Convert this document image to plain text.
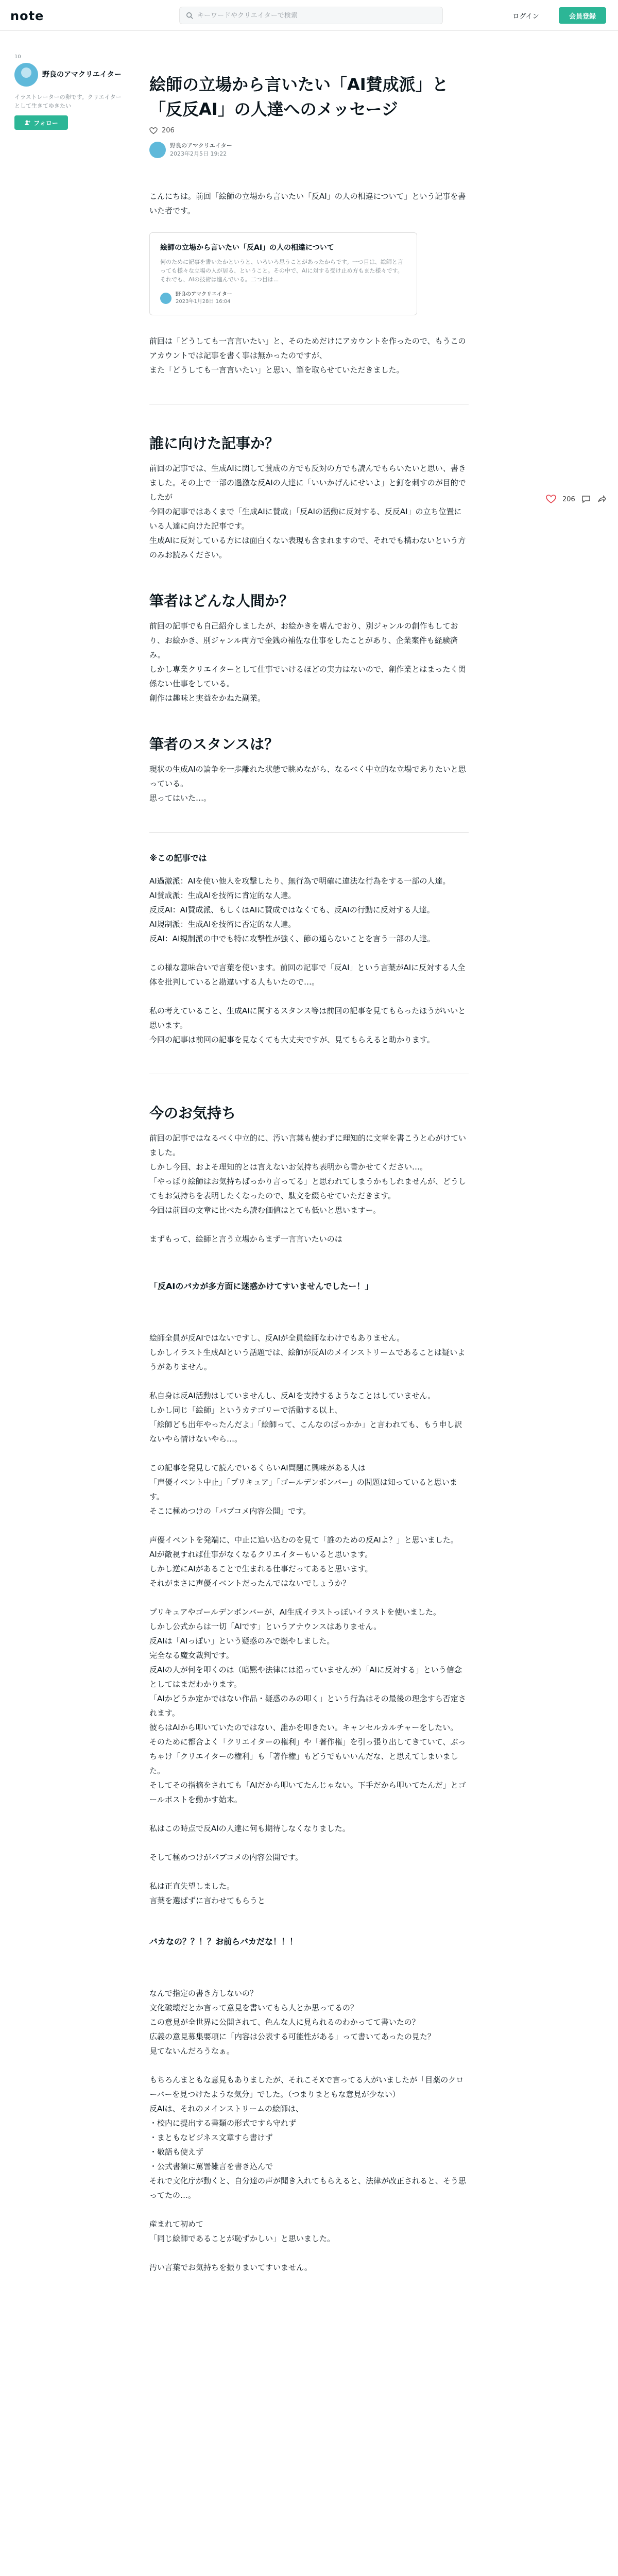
note
キーワードやクリエイターで検索	ログイン	会員登録
10
野良のアマクリエイター
イラストレーターの卵です。クリエイターとして生きてゆきたい
フォロー
206
絵師の立場から言いたい「AI賛成派」と「反反AI」の人達へのメッセージ
206
野良のアマクリエイター
2023年2月5日 19:22

こんにちは。前回「絵師の立場から言いたい「反AI」の人の相違について」という記事を書いた者です。

絵師の立場から言いたい「反AI」の人の相違について
何のために記事を書いたかというと、いろいろ思うことがあったからです。一つ目は、絵師と言っても様々な立場の人が居る、ということ。その中で、AIに対する受け止め方もまた様々です。それでも、AIの技術は進んでいる。二つ目は...
野良のアマクリエイター
2023年1月28日 16:04

前回は「どうしても一言言いたい」と、そのためだけにアカウントを作ったので、もうこのアカウントでは記事を書く事は無かったのですが、
また「どうしても一言言いたい」と思い、筆を取らせていただきました。

誰に向けた記事か？

前回の記事では、生成AIに関して賛成の方でも反対の方でも読んでもらいたいと思い、書きました。その上で一部の過激な反AIの人達に「いいかげんにせいよ」と釘を刺すのが目的でしたが
今回の記事ではあくまで「生成AIに賛成」「反AIの活動に反対する、反反AI」の立ち位置にいる人達に向けた記事です。
生成AIに反対している方には面白くない表現も含まれますので、それでも構わないという方のみお読みください。

筆者はどんな人間か？

前回の記事でも自己紹介しましたが、お絵かきを嗜んでおり、別ジャンルの創作もしており、お絵かき、別ジャンル両方で金銭の補佐な仕事をしたことがあり、企業案件も経験済み。
しかし専業クリエイターとして仕事でいけるほどの実力はないので、創作業とはまったく関係ない仕事をしている。
創作は趣味と実益をかねた副業。

筆者のスタンスは？

現状の生成AIの論争を一歩離れた状態で眺めながら、なるべく中立的な立場でありたいと思っている。
思ってはいた…。

※この記事では

AI過激派：AIを使い他人を攻撃したり、無行為で明確に違法な行為をする一部の人達。
AI賛成派：生成AIを技術に肯定的な人達。
反反AI：AI賛成派、もしくはAIに賛成ではなくても、反AIの行動に反対する人達。
AI規制派：生成AIを技術に否定的な人達。
反AI：AI規制派の中でも特に攻撃性が強く、節の通らないことを言う一部の人達。

この様な意味合いで言葉を使います。前回の記事で「反AI」という言葉がAIに反対する人全体を批判していると勘違いする人もいたので…。

私の考えていること、生成AIに関するスタンス等は前回の記事を見てもらったほうがいいと思います。
今回の記事は前回の記事を見なくても大丈夫ですが、見てもらえると助かります。

今のお気持ち

前回の記事ではなるべく中立的に、汚い言葉も使わずに理知的に文章を書こうと心がけていました。
しかし今回、およそ理知的とは言えないお気持ち表明から書かせてください…。
「やっぱり絵師はお気持ちばっかり言ってる」と思われてしまうかもしれませんが、どうしてもお気持ちを表明したくなったので、駄文を綴らせていただきます。
今回は前回の文章に比べたら読む価値はとても低いと思いますー。

まずもって、絵師と言う立場からまず一言言いたいのは

「反AIのバカが多方面に迷惑かけてすいませんでしたー！」

絵師全員が反AIではないですし、反AIが全員絵師なわけでもありません。
しかしイラスト生成AIという話題では、絵師が反AIのメインストリームであることは疑いようがありません。

私自身は反AI活動はしていませんし、反AIを支持するようなことはしていません。
しかし同じ「絵師」というカテゴリーで活動する以上、
「絵師ども出年やったんだよ」「絵師って、こんなのばっかか」と言われても、もう申し訳ないやら情けないやら…。

この記事を発見して読んでいるくらいAI問題に興味がある人は
「声優イベント中止」「プリキュア」「ゴールデンボンバー」の問題は知っていると思います。
そこに極めつけの「パブコメ内容公開」です。

声優イベントを発端に、中止に追い込むのを見て「誰のための反AIよ？」と思いました。
AIが敵視すれば仕事がなくなるクリエイターもいると思います。
しかし逆にAIがあることで生まれる仕事だってあると思います。
それがまさに声優イベントだったんではないでしょうか？

プリキュアやゴールデンボンバーが、AI生成イラストっぽいイラストを使いました。
しかし公式からは一切「AIです」というアナウンスはありません。
反AIは「AIっぽい」という疑惑のみで燃やしました。
完全なる魔女裁判です。
反AIの人が何を叩くのは（暗黙や法律には沿っていませんが）「AIに反対する」という信念としてはまだわかります。
「AIかどうか定かではない作品・疑惑のみの叩く」という行為はその最後の理念すら否定されます。
彼らはAIから叩いていたのではない、誰かを叩きたい。キャンセルカルチャーをしたい。
そのために都合よく「クリエイターの権利」や「著作権」を引っ張り出してきていて、ぶっちゃけ「クリエイターの権利」も「著作権」もどうでもいいんだな、と思えてしまいました。
そしてその指摘をされても「AIだから叩いてたんじゃない。下手だから叩いてたんだ」とゴールポストを動かす始末。

私はこの時点で反AIの人達に何も期待しなくなりました。

そして極めつけがパブコメの内容公開です。

私は正直失望しました。
言葉を選ばずに言わせてもらうと

バカなの？？！？お前らバカだな！！！

なんで指定の書き方しないの？
文化破壊だとか言って意見を書いてもら人とか思ってるの？
この意見が全世界に公開されて、色んな人に見られるのわかってて書いたの？
広義の意見募集要項に「内容は公表する可能性がある」って書いてあったの見た？
見てないんだろうなぁ。

もちろんまともな意見もありましたが、それこそXで言ってる人がいましたが「目薬のクローバーを見つけたような気分」でした。（つまりまともな意見が少ない）
反AIは、それのメインストリームの絵師は、
・校内に提出する書類の形式ですら守れず
・まともなビジネス文章すら書けず
・敬語も使えず
・公式書類に罵詈雑言を書き込んで
それで文化庁が動くと、自分達の声が聞き入れてもらえると、法律が改正されると、そう思ってたの…。

産まれて初めて
「同じ絵師であることが恥ずかしい」と思いました。

汚い言葉でお気持ちを振りまいてすいません。
